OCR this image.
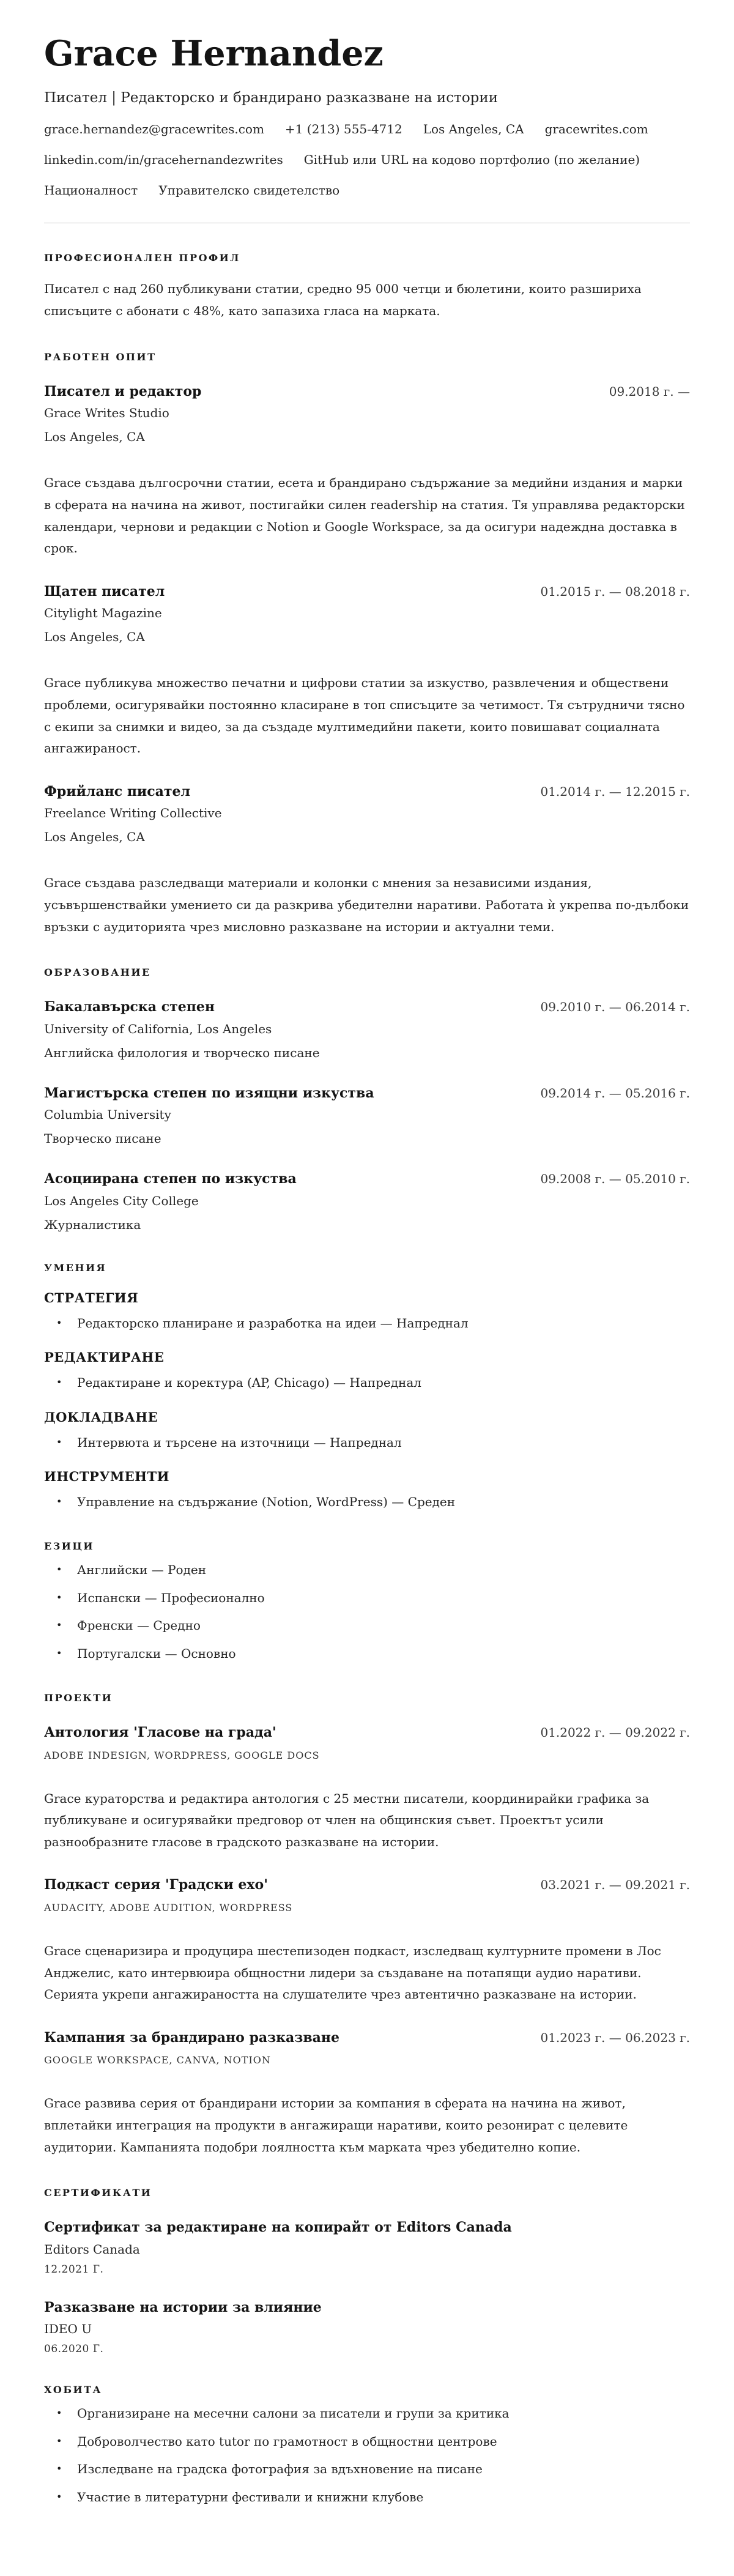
Grace Hernandez
Писател | Редакторско и брандирано разказване на истории
grace.hernandez@gracewrites.com +1 (213) 555-4712 Los Angeles, CA gracewrites.com
linkedin.com/in/gracehernandezwrites GitHub или URL на кодово портфолио (по желание)
Националност Управителско свидетелство
ПРОФЕСИОНАЛЕН ПРОФИЛ

Писател с над 260 публикувани статии, средно 95 000 четци и бюлетини, които разшириха списъците с абонати с 48%, като запазиха гласа на марката.

РАБОТЕН ОПИТ
Писател и редактор	09.2018 г. —
Grace Writes Studio
Los Angeles, CA

Grace създава дългосрочни статии, есета и брандирано съдържание за медийни издания и марки в сферата на начина на живот, постигайки силен readership на статия. Тя управлява редакторски календари, чернови и редакции с Notion и Google Workspace, за да осигури надеждна доставка в срок.

Щатен писател	01.2015 г. — 08.2018 г.
Citylight Magazine
Los Angeles, CA

Grace публикува множество печатни и цифрови статии за изкуство, развлечения и обществени проблеми, осигурявайки постоянно класиране в топ списъците за четимост. Тя сътрудничи тясно с екипи за снимки и видео, за да създаде мултимедийни пакети, които повишават социалната ангажираност.

Фрийланс писател	01.2014 г. — 12.2015 г.
Freelance Writing Collective
Los Angeles, CA

Grace създава разследващи материали и колонки с мнения за независими издания, усъвършенствайки умението си да разкрива убедителни наративи. Работата ѝ укрепва по-дълбоки връзки с аудиторията чрез мисловно разказване на истории и актуални теми.

ОБРАЗОВАНИЕ
Бакалавърска степен	09.2010 г. — 06.2014 г.
University of California, Los Angeles
Английска филология и творческо писане
Магистърска степен по изящни изкуства	09.2014 г. — 05.2016 г.
Columbia University
Творческо писане
Асоциирана степен по изкуства	09.2008 г. — 05.2010 г.
Los Angeles City College
Журналистика
УМЕНИЯ
СТРАТЕГИЯ
• Редакторско планиране и разработка на идеи — Напреднал
РЕДАКТИРАНЕ
• Редактиране и коректура (AP, Chicago) — Напреднал
ДОКЛАДВАНЕ
• Интервюта и търсене на източници — Напреднал
ИНСТРУМЕНТИ
• Управление на съдържание (Notion, WordPress) — Среден
ЕЗИЦИ
• Английски — Роден
• Испански — Професионално
• Френски — Средно
• Португалски — Основно
ПРОЕКТИ
Антология 'Гласове на града'	01.2022 г. — 09.2022 г.
ADOBE INDESIGN, WORDPRESS, GOOGLE DOCS

Grace кураторства и редактира антология с 25 местни писатели, координирайки графика за публикуване и осигурявайки предговор от член на общинския съвет. Проектът усили разнообразните гласове в градското разказване на истории.

Подкаст серия 'Градски ехо'	03.2021 г. — 09.2021 г.
AUDACITY, ADOBE AUDITION, WORDPRESS

Grace сценаризира и продуцира шестепизоден подкаст, изследващ културните промени в Лос Анджелис, като интервюира общностни лидери за създаване на потапящи аудио наративи. Серията укрепи ангажираността на слушателите чрез автентично разказване на истории.

Кампания за брандирано разказване	01.2023 г. — 06.2023 г.
GOOGLE WORKSPACE, CANVA, NOTION

Grace развива серия от брандирани истории за компания в сферата на начина на живот, вплетайки интеграция на продукти в ангажиращи наративи, които резонират с целевите аудитории. Кампанията подобри лоялността към марката чрез убедително копие.

СЕРТИФИКАТИ
Сертификат за редактиране на копирайт от Editors Canada
Editors Canada
12.2021 Г.
Разказване на истории за влияние
IDEO U
06.2020 Г.
ХОБИТА
• Организиране на месечни салони за писатели и групи за критика
• Доброволчество като tutor по грамотност в общностни центрове
• Изследване на градска фотография за вдъхновение на писане
• Участие в литературни фестивали и книжни клубове
